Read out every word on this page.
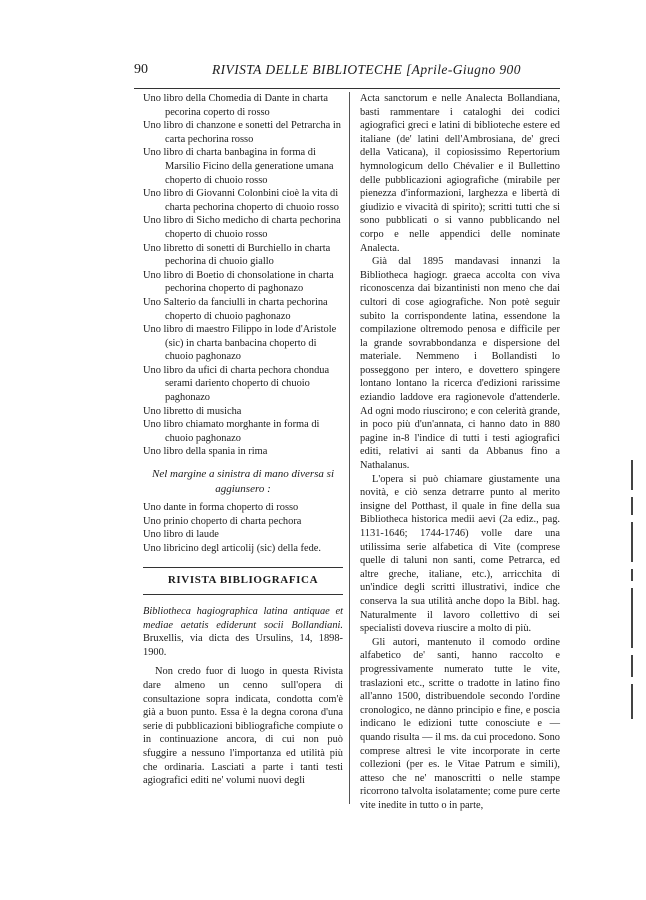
90	RIVISTA DELLE BIBLIOTECHE [Aprile-Giugno 900
Uno libro della Chomedia di Dante in charta pecorina coperto di rosso
Uno libro di chanzone e sonetti del Petrarcha in carta pechorina rosso
Uno libro di charta banbagina in forma di Marsilio Ficino della generatione umana choperto di chuoio rosso
Uno libro di Giovanni Colonbini cioè la vita di charta pechorina choperto di chuoio rosso
Uno libro di Sicho medicho di charta pechorina choperto di chuoio rosso
Uno libretto di sonetti di Burchiello in charta pechorina di chuoio giallo
Uno libro di Boetio di chonsolatione in charta pechorina choperto di paghonazo
Uno Salterio da fanciulli in charta pechorina choperto di chuoio paghonazo
Uno libro di maestro Filippo in lode d'Aristole (sic) in charta banbacina choperto di chuoio paghonazo
Uno libro da ufici di charta pechora chondua serami dariento choperto di chuoio paghonazo
Uno libretto di musicha
Uno libro chiamato morghante in forma di chuoio paghonazo
Uno libro della spania in rima
Nel margine a sinistra di mano diversa si aggiunsero :
Uno dante in forma choperto di rosso
Uno prinio choperto di charta pechora
Uno libro di laude
Uno libricino degl articolij (sic) della fede.
RIVISTA BIBLIOGRAFICA
Bibliotheca hagiographica latina antiquae et mediae aetatis ediderunt socii Bollandiani. Bruxellis, via dicta des Ursulins, 14, 1898-1900.
Non credo fuor di luogo in questa Rivista dare almeno un cenno sull'opera di consultazione sopra indicata, condotta com'è già a buon punto. Essa è la degna corona d'una serie di pubblicazioni bibliografiche compiute o in continuazione ancora, di cui non può sfuggire a nessuno l'importanza ed utilità più che ordinaria. Lasciati a parte i tanti testi agiografici editi ne' volumi nuovi degli
Acta sanctorum e nelle Analecta Bollandiana, basti rammentare i cataloghi dei codici agiografici greci e latini di biblioteche estere ed italiane (de' latini dell'Ambrosiana, de' greci della Vaticana), il copiosissimo Repertorium hymnologicum dello Chévalier e il Bullettino delle pubblicazioni agiografiche (mirabile per pienezza d'informazioni, larghezza e libertà di giudizio e vivacità di spirito); scritti tutti che si sono pubblicati o si vanno pubblicando nel corpo e nelle appendici delle nominate Analecta.
Già dal 1895 mandavasi innanzi la Bibliotheca hagiogr. graeca accolta con viva riconoscenza dai bizantinisti non meno che dai cultori di cose agiografiche. Non potè seguir subito la corrispondente latina, essendone la compilazione oltremodo penosa e difficile per la grande sovrabbondanza e dispersione del materiale. Nemmeno i Bollandisti lo posseggono per intero, e dovettero spingere lontano lontano la ricerca d'edizioni rarissime eziandio laddove era ragionevole d'attenderle. Ad ogni modo riuscirono; e con celerità grande, in poco più d'un'annata, ci hanno dato in 880 pagine in-8 l'indice di tutti i testi agiografici editi, relativi ai santi da Abbanus fino a Nathalanus.
L'opera si può chiamare giustamente una novità, e ciò senza detrarre punto al merito insigne del Potthast, il quale in fine della sua Bibliotheca historica medii aevi (2a ediz., pag. 1131-1646; 1744-1746) volle dare una utilissima serie alfabetica di Vite (comprese quelle di taluni non santi, come Petrarca, ed altre greche, italiane, etc.), arricchita di un'indice degli scritti illustrativi, indice che conserva la sua utilità anche dopo la Bibl. hag. Naturalmente il lavoro collettivo di sei specialisti doveva riuscire a molto di più.
Gli autori, mantenuto il comodo ordine alfabetico de' santi, hanno raccolto e progressivamente numerato tutte le vite, traslazioni etc., scritte o tradotte in latino fino all'anno 1500, distribuendole secondo l'ordine cronologico, ne dànno principio e fine, e poscia indicano le edizioni tutte conosciute e — quando risulta — il ms. da cui procedono. Sono comprese altresì le vite incorporate in certe collezioni (per es. le Vitae Patrum e simili), atteso che ne' manoscritti o nelle stampe ricorrono talvolta isolatamente; come pure certe vite inedite in tutto o in parte,
